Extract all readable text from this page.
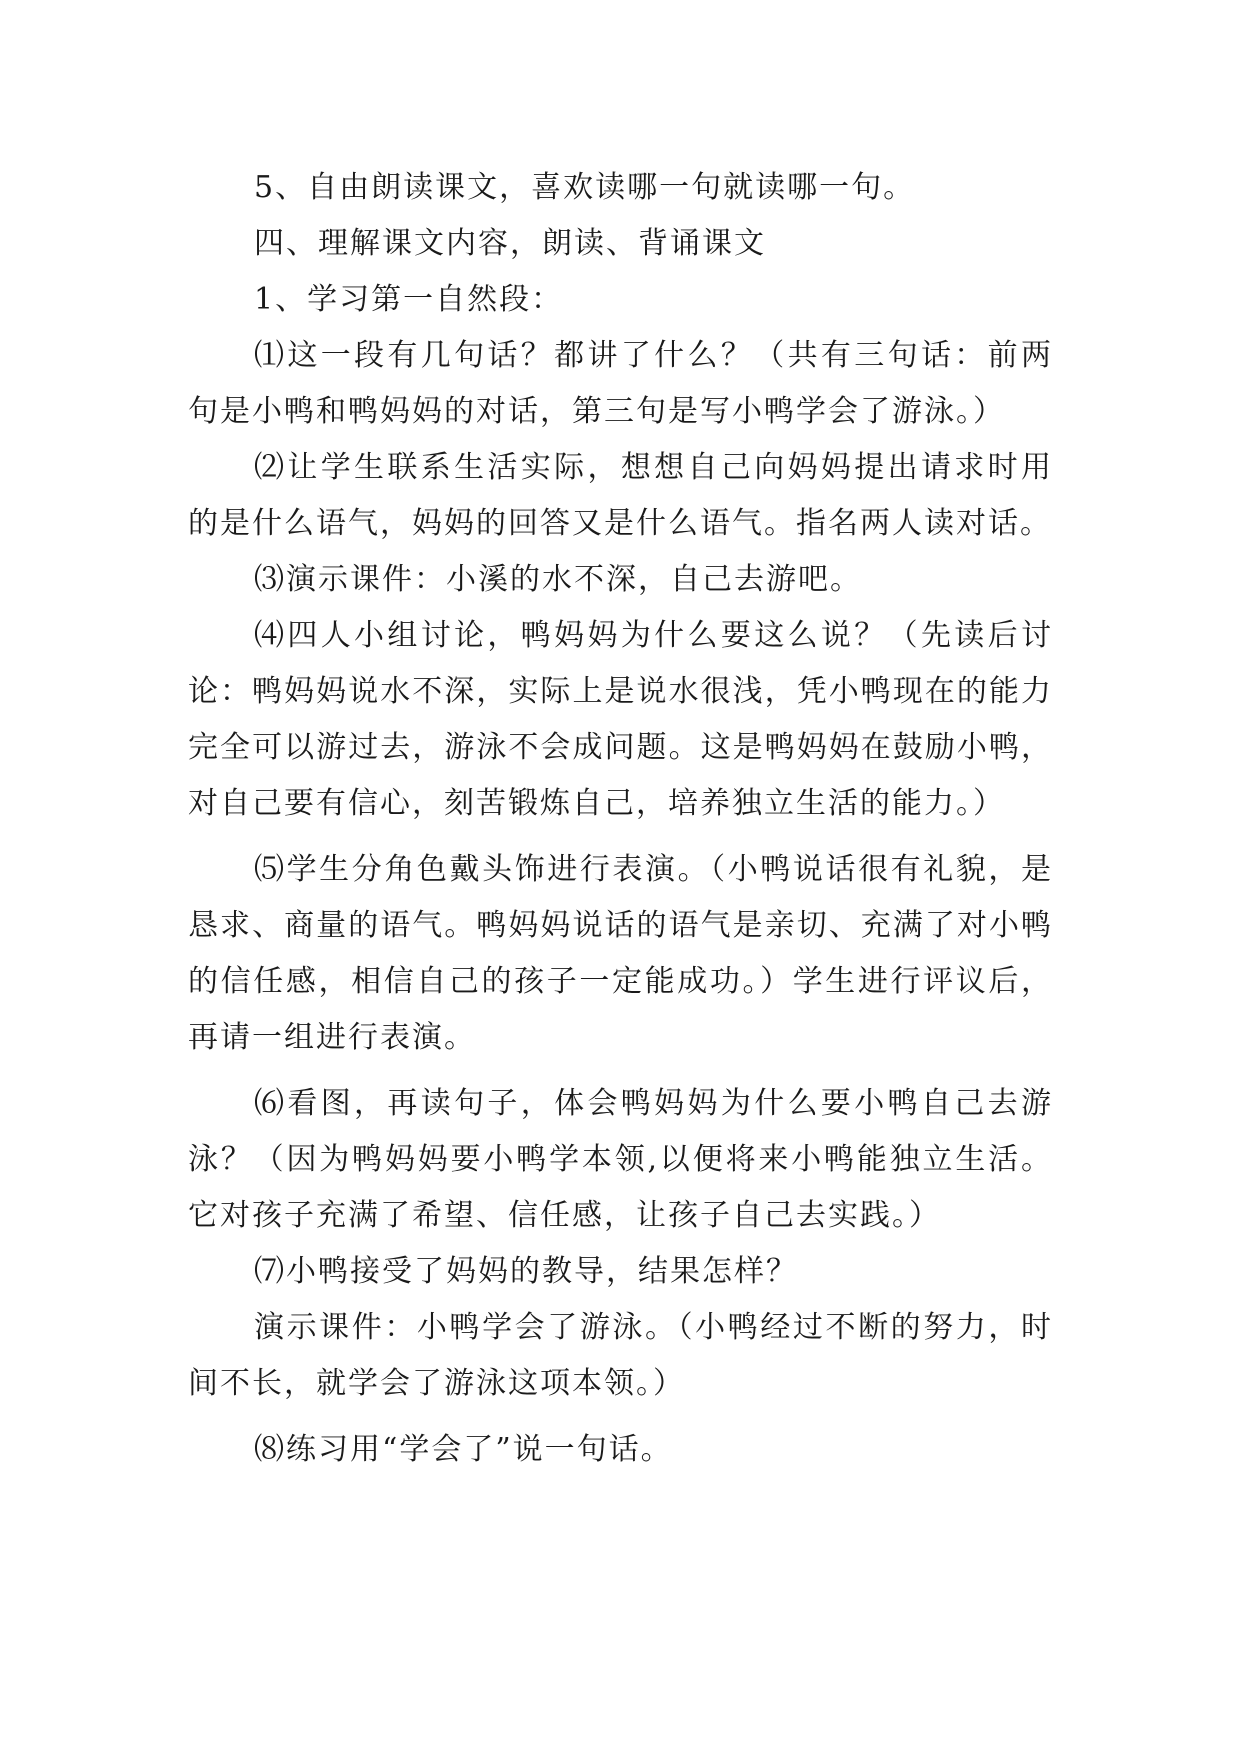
5、自由朗读课文，喜欢读哪一句就读哪一句。

四、理解课文内容，朗读、背诵课文

1、学习第一自然段：

⑴这一段有几句话？都讲了什么？（共有三句话：前两句是小鸭和鸭妈妈的对话，第三句是写小鸭学会了游泳。）

⑵让学生联系生活实际，想想自己向妈妈提出请求时用的是什么语气，妈妈的回答又是什么语气。指名两人读对话。

⑶演示课件：小溪的水不深，自己去游吧。

⑷四人小组讨论，鸭妈妈为什么要这么说？（先读后讨论：鸭妈妈说水不深，实际上是说水很浅，凭小鸭现在的能力完全可以游过去，游泳不会成问题。这是鸭妈妈在鼓励小鸭，对自己要有信心，刻苦锻炼自己，培养独立生活的能力。）

⑸学生分角色戴头饰进行表演。（小鸭说话很有礼貌，是恳求、商量的语气。鸭妈妈说话的语气是亲切、充满了对小鸭的信任感，相信自己的孩子一定能成功。）学生进行评议后，再请一组进行表演。

⑹看图，再读句子，体会鸭妈妈为什么要小鸭自己去游泳？（因为鸭妈妈要小鸭学本领,以便将来小鸭能独立生活。它对孩子充满了希望、信任感，让孩子自己去实践。）

⑺小鸭接受了妈妈的教导，结果怎样？

演示课件：小鸭学会了游泳。（小鸭经过不断的努力，时间不长，就学会了游泳这项本领。）

⑻练习用“学会了”说一句话。
